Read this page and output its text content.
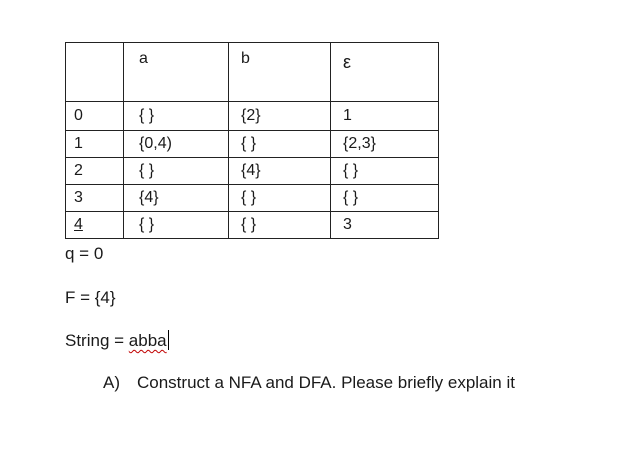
	a	b	ε
0	{ }	{2}	1
1	{0,4)	{ }	{2,3}
2	{ }	{4}	{ }
3	{4}	{ }	{ }
4	{ }	{ }	3
q = 0
F = {4}
String = abba
A) Construct a NFA and DFA. Please briefly explain it
